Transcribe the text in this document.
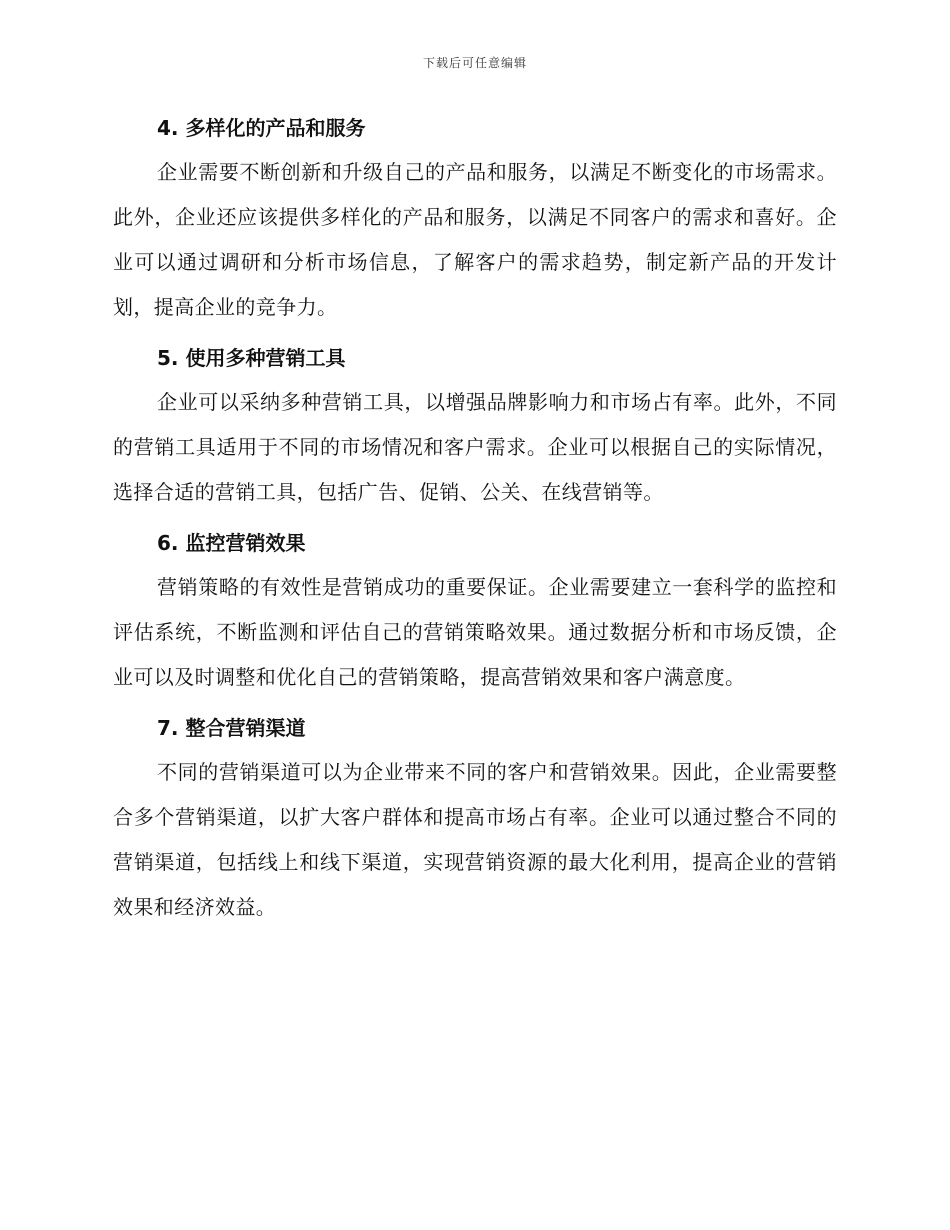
下载后可任意编辑
4. 多样化的产品和服务

企业需要不断创新和升级自己的产品和服务，以满足不断变化的市场需求。此外，企业还应该提供多样化的产品和服务，以满足不同客户的需求和喜好。企业可以通过调研和分析市场信息，了解客户的需求趋势，制定新产品的开发计划，提高企业的竞争力。

5. 使用多种营销工具

企业可以采纳多种营销工具，以增强品牌影响力和市场占有率。此外，不同的营销工具适用于不同的市场情况和客户需求。企业可以根据自己的实际情况，选择合适的营销工具，包括广告、促销、公关、在线营销等。

6. 监控营销效果

营销策略的有效性是营销成功的重要保证。企业需要建立一套科学的监控和评估系统，不断监测和评估自己的营销策略效果。通过数据分析和市场反馈，企业可以及时调整和优化自己的营销策略，提高营销效果和客户满意度。

7. 整合营销渠道

不同的营销渠道可以为企业带来不同的客户和营销效果。因此，企业需要整合多个营销渠道，以扩大客户群体和提高市场占有率。企业可以通过整合不同的营销渠道，包括线上和线下渠道，实现营销资源的最大化利用，提高企业的营销效果和经济效益。
